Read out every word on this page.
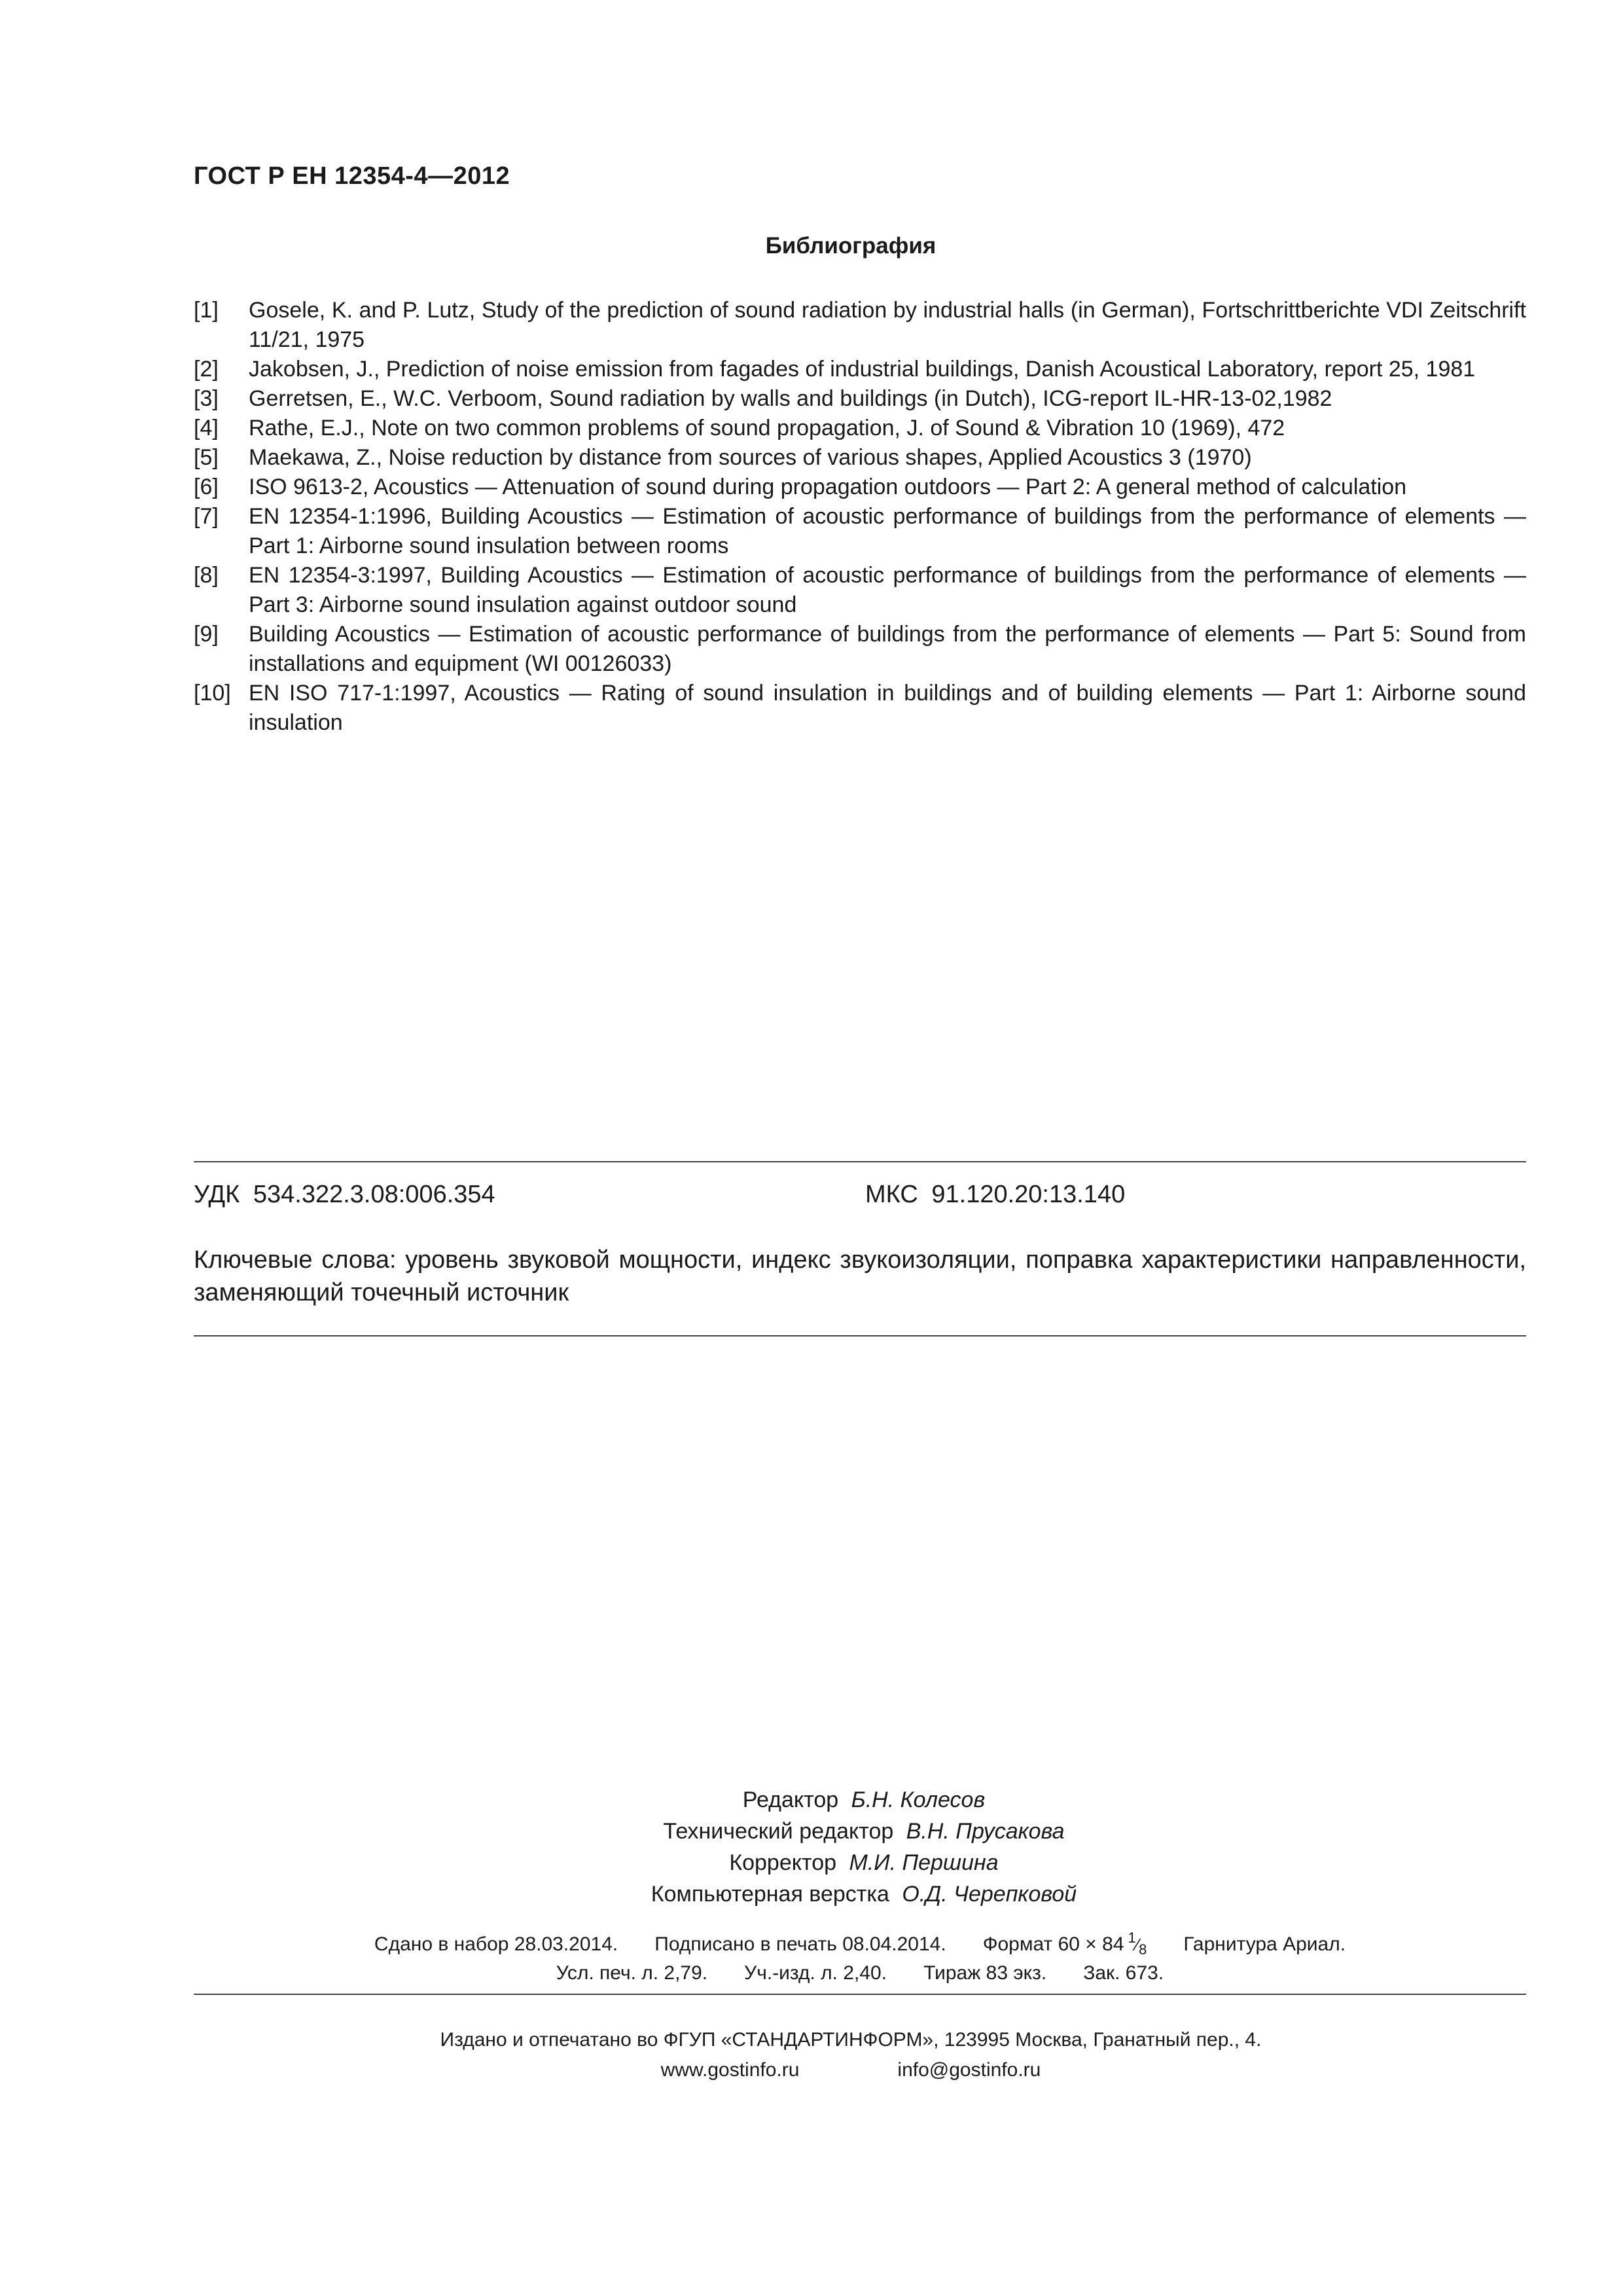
ГОСТ Р ЕН 12354-4—2012
Библиография
[1]	Gosele, K. and P. Lutz, Study of the prediction of sound radiation by industrial halls (in German), Fortschrittberichte VDI Zeitschrift 11/21, 1975
[2]	Jakobsen, J., Prediction of noise emission from fagades of industrial buildings, Danish Acoustical Laboratory, report 25, 1981
[3]	Gerretsen, E., W.C. Verboom, Sound radiation by walls and buildings (in Dutch), ICG-report IL-HR-13-02,1982
[4]	Rathe, E.J., Note on two common problems of sound propagation, J. of Sound & Vibration 10 (1969), 472
[5]	Maekawa, Z., Noise reduction by distance from sources of various shapes, Applied Acoustics 3 (1970)
[6]	ISO 9613-2, Acoustics — Attenuation of sound during propagation outdoors — Part 2: A general method of calculation
[7]	EN 12354-1:1996, Building Acoustics — Estimation of acoustic performance of buildings from the performance of elements — Part 1: Airborne sound insulation between rooms
[8]	EN 12354-3:1997, Building Acoustics — Estimation of acoustic performance of buildings from the performance of elements — Part 3: Airborne sound insulation against outdoor sound
[9]	Building Acoustics — Estimation of acoustic performance of buildings from the performance of elements — Part 5: Sound from installations and equipment (WI 00126033)
[10] EN ISO 717-1:1997, Acoustics — Rating of sound insulation in buildings and of building elements — Part 1: Airborne sound insulation
УДК 534.322.3.08:006.354	МКС 91.120.20:13.140
Ключевые слова: уровень звуковой мощности, индекс звукоизоляции, поправка характеристики направленности, заменяющий точечный источник
Редактор Б.Н. Колесов
Технический редактор В.Н. Прусакова
Корректор М.И. Першина
Компьютерная верстка О.Д. Черепковой
Сдано в набор 28.03.2014. Подписано в печать 08.04.2014. Формат 60 × 84 $^1⁄_8$ Гарнитура Ариал.
Усл. печ. л. 2,79. Уч.-изд. л. 2,40. Тираж 83 экз. Зак. 673.
Издано и отпечатано во ФГУП «СТАНДАРТИНФОРМ», 123995 Москва, Гранатный пер., 4.
www.gostinfo.ru	info@gostinfo.ru
